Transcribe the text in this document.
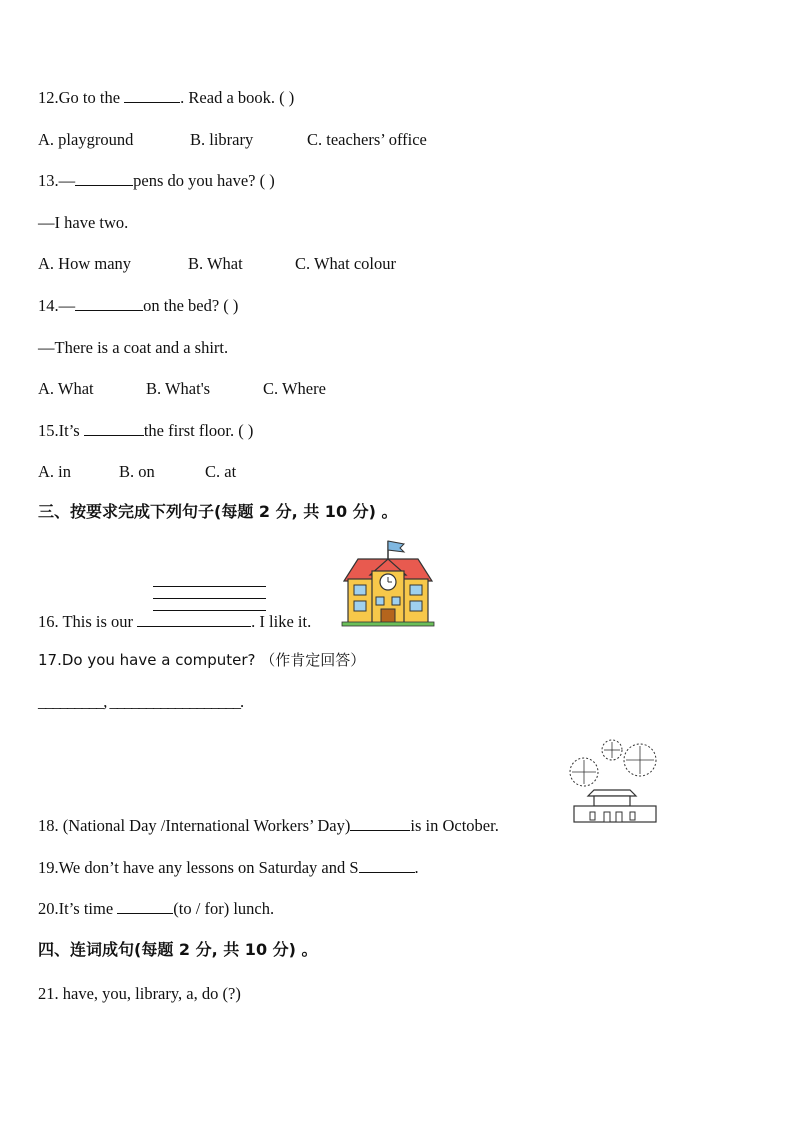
12.Go to the	. Read a book. ( )
A. playground	B. library	C. teachers’ office
13.—	pens do you have? ( )
—I have two.
A. How many	B. What	C. What colour
14.—	on the bed? ( )
—There is a coat and a shirt.
A. What	B. What's	C. Where
15.It’s	the first floor. ( )
A. in	B. on	C. at
三、按要求完成下列句子(每题 2 分, 共 10 分) 。
16. This is our	. I like it.
17.Do you have a computer? （作肯定回答）
_________, __________________.
18. (National Day /International Workers’ Day)	is in October.
19.We don’t have any lessons on Saturday and S	.
20.It’s time	(to / for) lunch.
四、连词成句(每题 2 分, 共 10 分) 。
21. have, you, library, a, do (?)
